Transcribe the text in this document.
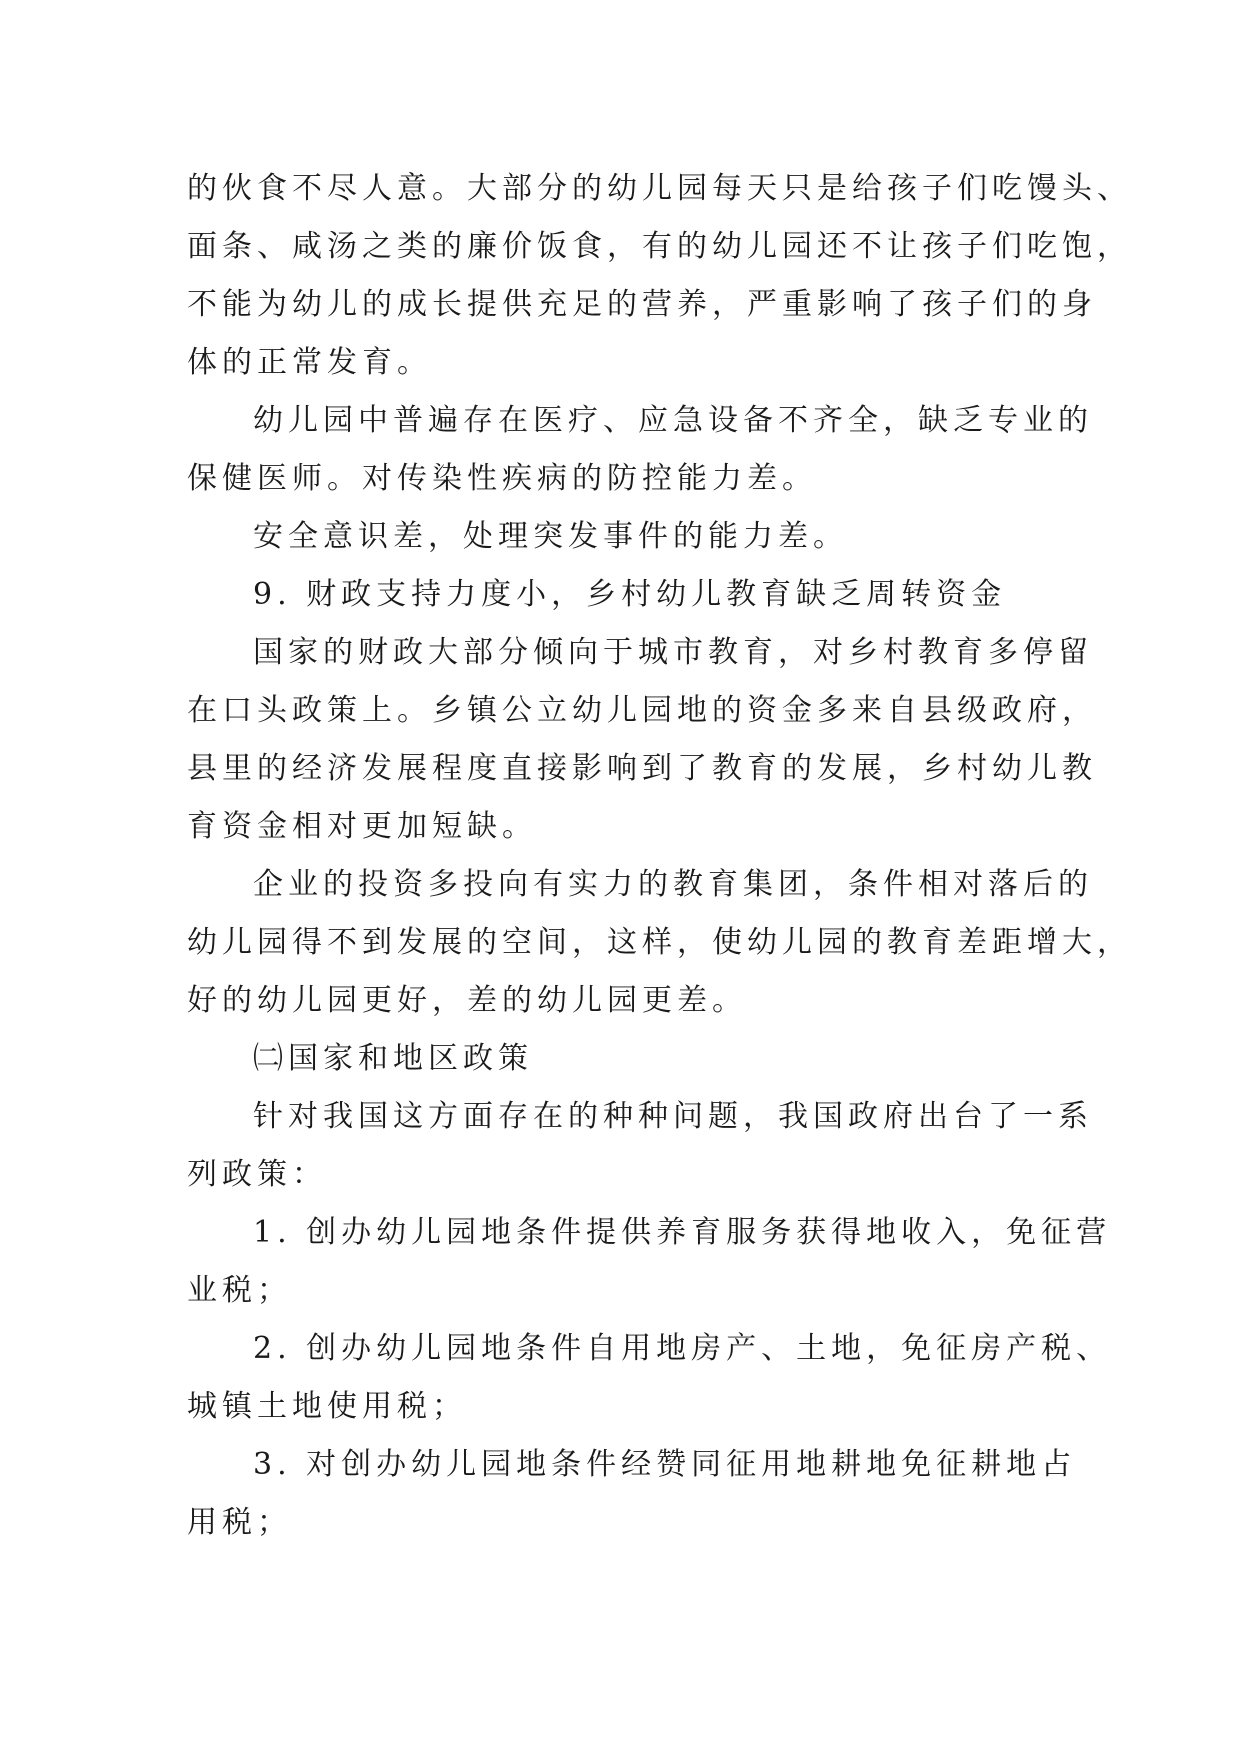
的伙食不尽人意。大部分的幼儿园每天只是给孩子们吃馒头、
面条、咸汤之类的廉价饭食，有的幼儿园还不让孩子们吃饱，
不能为幼儿的成长提供充足的营养，严重影响了孩子们的身
体的正常发育。
幼儿园中普遍存在医疗、应急设备不齐全，缺乏专业的
保健医师。对传染性疾病的防控能力差。
安全意识差，处理突发事件的能力差。
9. 财政支持力度小，乡村幼儿教育缺乏周转资金
国家的财政大部分倾向于城市教育，对乡村教育多停留
在口头政策上。乡镇公立幼儿园地的资金多来自县级政府，
县里的经济发展程度直接影响到了教育的发展，乡村幼儿教
育资金相对更加短缺。
企业的投资多投向有实力的教育集团，条件相对落后的
幼儿园得不到发展的空间，这样，使幼儿园的教育差距增大，
好的幼儿园更好，差的幼儿园更差。
㈡国家和地区政策
针对我国这方面存在的种种问题，我国政府出台了一系
列政策：
1. 创办幼儿园地条件提供养育服务获得地收入，免征营
业税；
2. 创办幼儿园地条件自用地房产、土地，免征房产税、
城镇土地使用税；
3. 对创办幼儿园地条件经赞同征用地耕地免征耕地占
用税；
